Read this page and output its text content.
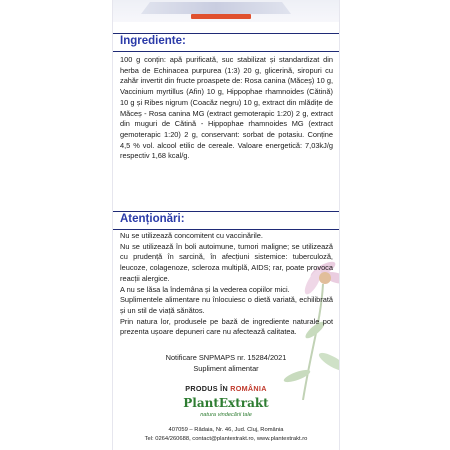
Ingrediente:
100 g conțin: apă purificată, suc stabilizat și standardizat din herba de Echinacea purpurea (1:3) 20 g, glicerină, siropuri cu zahăr invertit din fructe proaspete de: Rosa canina (Măceș) 10 g, Vaccinium myrtillus (Afin) 10 g, Hippophae rhamnoides (Cătină) 10 g și Ribes nigrum (Coacăz negru) 10 g, extract din mlădițe de Măceș - Rosa canina MG (extract gemoterapic 1:20) 2 g, extract din muguri de Cătină - Hippophae rhamnoides MG (extract gemoterapic 1:20) 2 g, conservant: sorbat de potasiu. Conține 4,5 % vol. alcool etilic de cereale. Valoare energetică: 7,03kJ/g respectiv 1,68 kcal/g.
Atenționări:

Nu se utilizează concomitent cu vaccinările.

Nu se utilizează în boli autoimune, tumori maligne; se utilizează cu prudență în sarcină, în afecțiuni sistemice: tuberculoză, leucoze, colagenoze, scleroza multiplă, AIDS; rar, poate provoca reacții alergice.

A nu se lăsa la îndemâna și la vederea copiilor mici.

Suplimentele alimentare nu înlocuiesc o dietă variată, echilibrată și un stil de viață sănătos.

Prin natura lor, produsele pe bază de ingrediente naturale pot prezenta ușoare depuneri care nu afectează calitatea.

Notificare SNPMAPS nr. 15284/2021
Supliment alimentar
PRODUS ÎN ROMÂNIA
PlantExtrakt
natura vindecării tale
407059 – Rădaia, Nr. 46, Jud. Cluj, România
Tel: 0264/260688, contact@plantextrakt.ro, www.plantextrakt.ro
